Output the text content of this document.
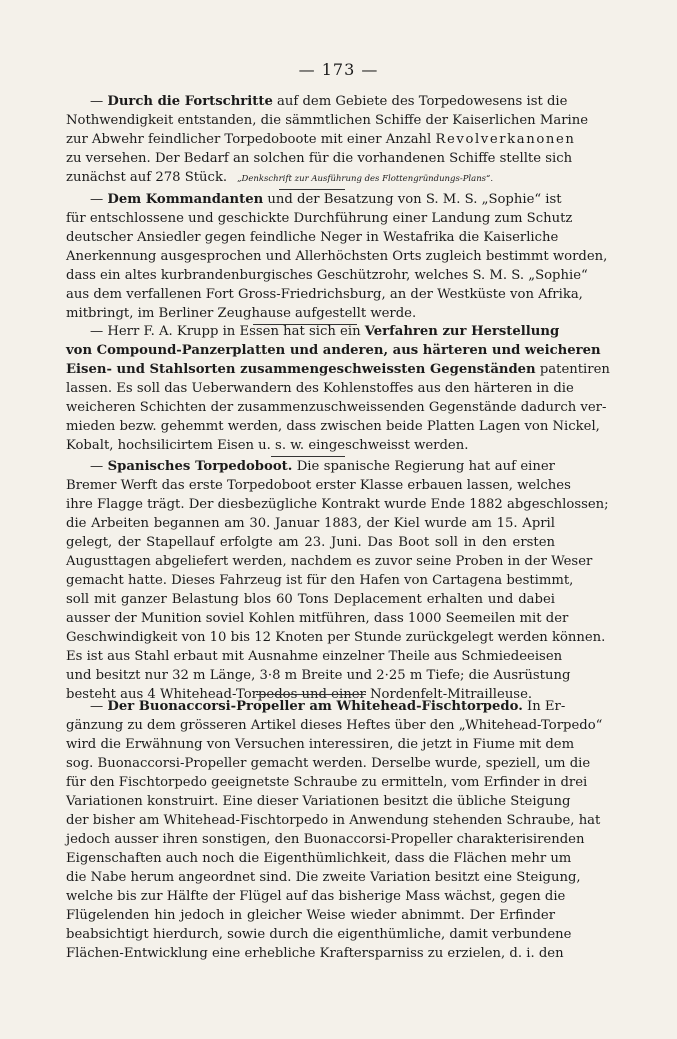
— 173 —
— Durch die Fortschritte auf dem Gebiete des Torpedowesens ist die
Nothwendigkeit entstanden, die sämmtlichen Schiffe der Kaiserlichen Marine
zur Abwehr feindlicher Torpedoboote mit einer Anzahl Revolverkanonen
zu versehen. Der Bedarf an solchen für die vorhandenen Schiffe stellte sich
zunächst auf 278 Stück. „Denkschrift zur Ausführung des Flottengründungs-Plans“.
— Dem Kommandanten und der Besatzung von S. M. S. „Sophie“ ist
für entschlossene und geschickte Durchführung einer Landung zum Schutz
deutscher Ansiedler gegen feindliche Neger in Westafrika die Kaiserliche
Anerkennung ausgesprochen und Allerhöchsten Orts zugleich bestimmt worden,
dass ein altes kurbrandenburgisches Geschützrohr, welches S. M. S. „Sophie“
aus dem verfallenen Fort Gross-Friedrichsburg, an der Westküste von Afrika,
mitbringt, im Berliner Zeughause aufgestellt werde.
— Herr F. A. Krupp in Essen hat sich ein Verfahren zur Herstellung
von Compound-Panzerplatten und anderen, aus härteren und weicheren
Eisen- und Stahlsorten zusammengeschweissten Gegenständen patentiren
lassen. Es soll das Ueberwandern des Kohlenstoffes aus den härteren in die
weicheren Schichten der zusammenzuschweissenden Gegenstände dadurch ver-
mieden bezw. gehemmt werden, dass zwischen beide Platten Lagen von Nickel,
Kobalt, hochsilicirtem Eisen u. s. w. eingeschweisst werden.
— Spanisches Torpedoboot. Die spanische Regierung hat auf einer
Bremer Werft das erste Torpedoboot erster Klasse erbauen lassen, welches
ihre Flagge trägt. Der diesbezügliche Kontrakt wurde Ende 1882 abgeschlossen;
die Arbeiten begannen am 30. Januar 1883, der Kiel wurde am 15. April
gelegt, der Stapellauf erfolgte am 23. Juni. Das Boot soll in den ersten
Augusttagen abgeliefert werden, nachdem es zuvor seine Proben in der Weser
gemacht hatte. Dieses Fahrzeug ist für den Hafen von Cartagena bestimmt,
soll mit ganzer Belastung blos 60 Tons Deplacement erhalten und dabei
ausser der Munition soviel Kohlen mitführen, dass 1000 Seemeilen mit der
Geschwindigkeit von 10 bis 12 Knoten per Stunde zurückgelegt werden können.
Es ist aus Stahl erbaut mit Ausnahme einzelner Theile aus Schmiedeeisen
und besitzt nur 32 m Länge, 3·8 m Breite und 2·25 m Tiefe; die Ausrüstung
besteht aus 4 Whitehead-Torpedos und einer Nordenfelt-Mitrailleuse.
— Der Buonaccorsi-Propeller am Whitehead-Fischtorpedo. In Er-
gänzung zu dem grösseren Artikel dieses Heftes über den „Whitehead-Torpedo“
wird die Erwähnung von Versuchen interessiren, die jetzt in Fiume mit dem
sog. Buonaccorsi-Propeller gemacht werden. Derselbe wurde, speziell, um die
für den Fischtorpedo geeignetste Schraube zu ermitteln, vom Erfinder in drei
Variationen konstruirt. Eine dieser Variationen besitzt die übliche Steigung
der bisher am Whitehead-Fischtorpedo in Anwendung stehenden Schraube, hat
jedoch ausser ihren sonstigen, den Buonaccorsi-Propeller charakterisirenden
Eigenschaften auch noch die Eigenthümlichkeit, dass die Flächen mehr um
die Nabe herum angeordnet sind. Die zweite Variation besitzt eine Steigung,
welche bis zur Hälfte der Flügel auf das bisherige Mass wächst, gegen die
Flügelenden hin jedoch in gleicher Weise wieder abnimmt. Der Erfinder
beabsichtigt hierdurch, sowie durch die eigenthümliche, damit verbundene
Flächen-Entwicklung eine erhebliche Kraftersparniss zu erzielen, d. i. den
